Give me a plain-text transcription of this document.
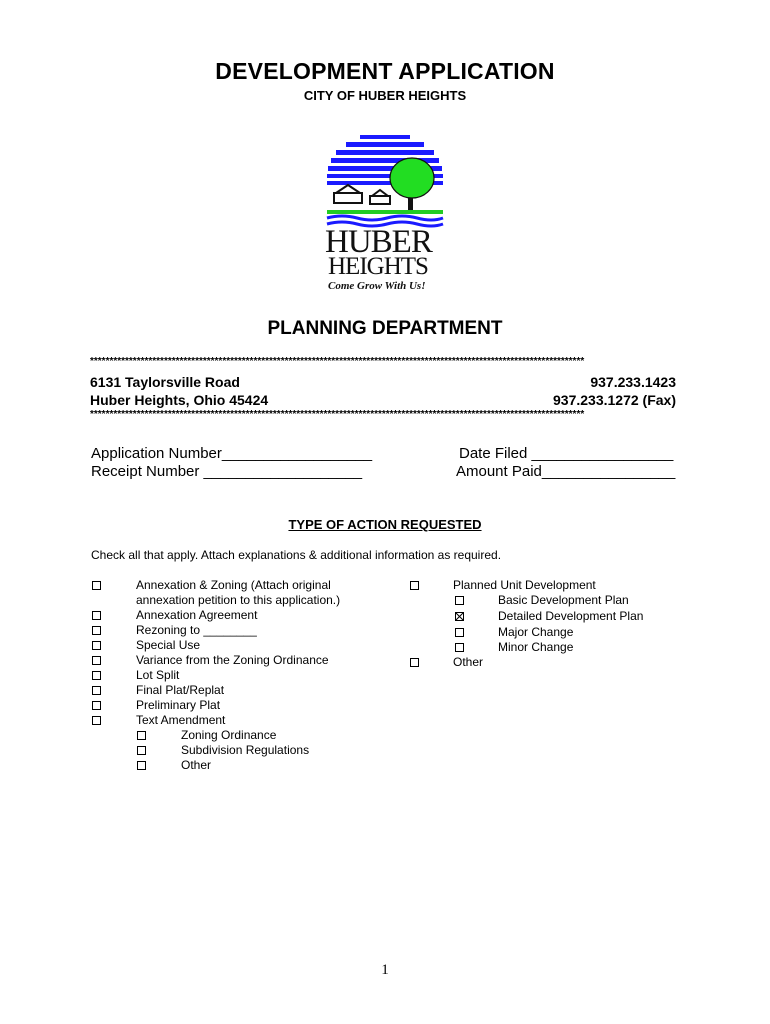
DEVELOPMENT APPLICATION
CITY OF HUBER HEIGHTS
HUBER
HEIGHTS
Come Grow With Us!
PLANNING DEPARTMENT
*******************************************************************************************************************************
6131 Taylorsville Road
Huber Heights, Ohio 45424
937.233.1423
937.233.1272 (Fax)
*******************************************************************************************************************************
Application Number__________________
Receipt Number ___________________
Date Filed _________________
Amount Paid________________
TYPE OF ACTION REQUESTED
Check all that apply. Attach explanations & additional information as required.
Annexation & Zoning (Attach original
annexation petition to this application.)
Annexation Agreement
Rezoning to ________
Special Use
Variance from the Zoning Ordinance
Lot Split
Final Plat/Replat
Preliminary Plat
Text Amendment
Zoning Ordinance
Subdivision Regulations
Other
Planned Unit Development
Basic Development Plan
Detailed Development Plan
Major Change
Minor Change
Other
1
